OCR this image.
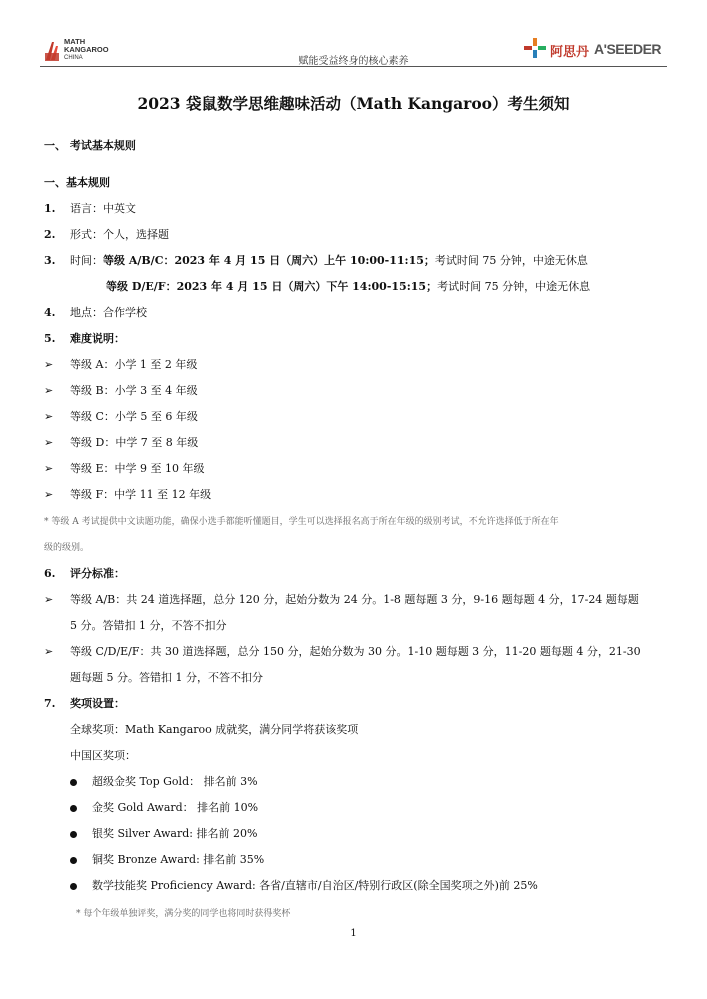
MATH
KANGAROO
CHINA	赋能受益终身的核心素养
阿思丹 A'SEEDER
2023 袋鼠数学思维趣味活动（Math Kangaroo）考生须知
一、 考试基本规则
一、基本规则
1. 语言：中英文
2. 形式：个人，选择题
3. 时间：等级 A/B/C：2023 年 4 月 15 日（周六）上午 10:00-11:15；考试时间 75 分钟，中途无休息
等级 D/E/F：2023 年 4 月 15 日（周六）下午 14:00-15:15；考试时间 75 分钟，中途无休息
4. 地点：合作学校
5. 难度说明：
➢ 等级 A：小学 1 至 2 年级
➢ 等级 B：小学 3 至 4 年级
➢ 等级 C：小学 5 至 6 年级
➢ 等级 D：中学 7 至 8 年级
➢ 等级 E：中学 9 至 10 年级
➢ 等级 F：中学 11 至 12 年级
* 等级 A 考试提供中文读题功能，确保小选手都能听懂题目，学生可以选择报名高于所在年级的级别考试，不允许选择低于所在年
级的级别。
6. 评分标准：
➢ 等级 A/B：共 24 道选择题，总分 120 分，起始分数为 24 分。1-8 题每题 3 分，9-16 题每题 4 分，17-24 题每题
5 分。答错扣 1 分，不答不扣分
➢ 等级 C/D/E/F：共 30 道选择题，总分 150 分，起始分数为 30 分。1-10 题每题 3 分，11-20 题每题 4 分，21-30
题每题 5 分。答错扣 1 分，不答不扣分
7. 奖项设置：
全球奖项：Math Kangaroo 成就奖，满分同学将获该奖项
中国区奖项：
超级金奖 Top Gold： 排名前 3%
金奖 Gold Award： 排名前 10%
银奖 Silver Award: 排名前 20%
铜奖 Bronze Award: 排名前 35%
数学技能奖 Proficiency Award: 各省/直辖市/自治区/特别行政区(除全国奖项之外)前 25%
* 每个年级单独评奖，满分奖的同学也将同时获得奖杯
1
